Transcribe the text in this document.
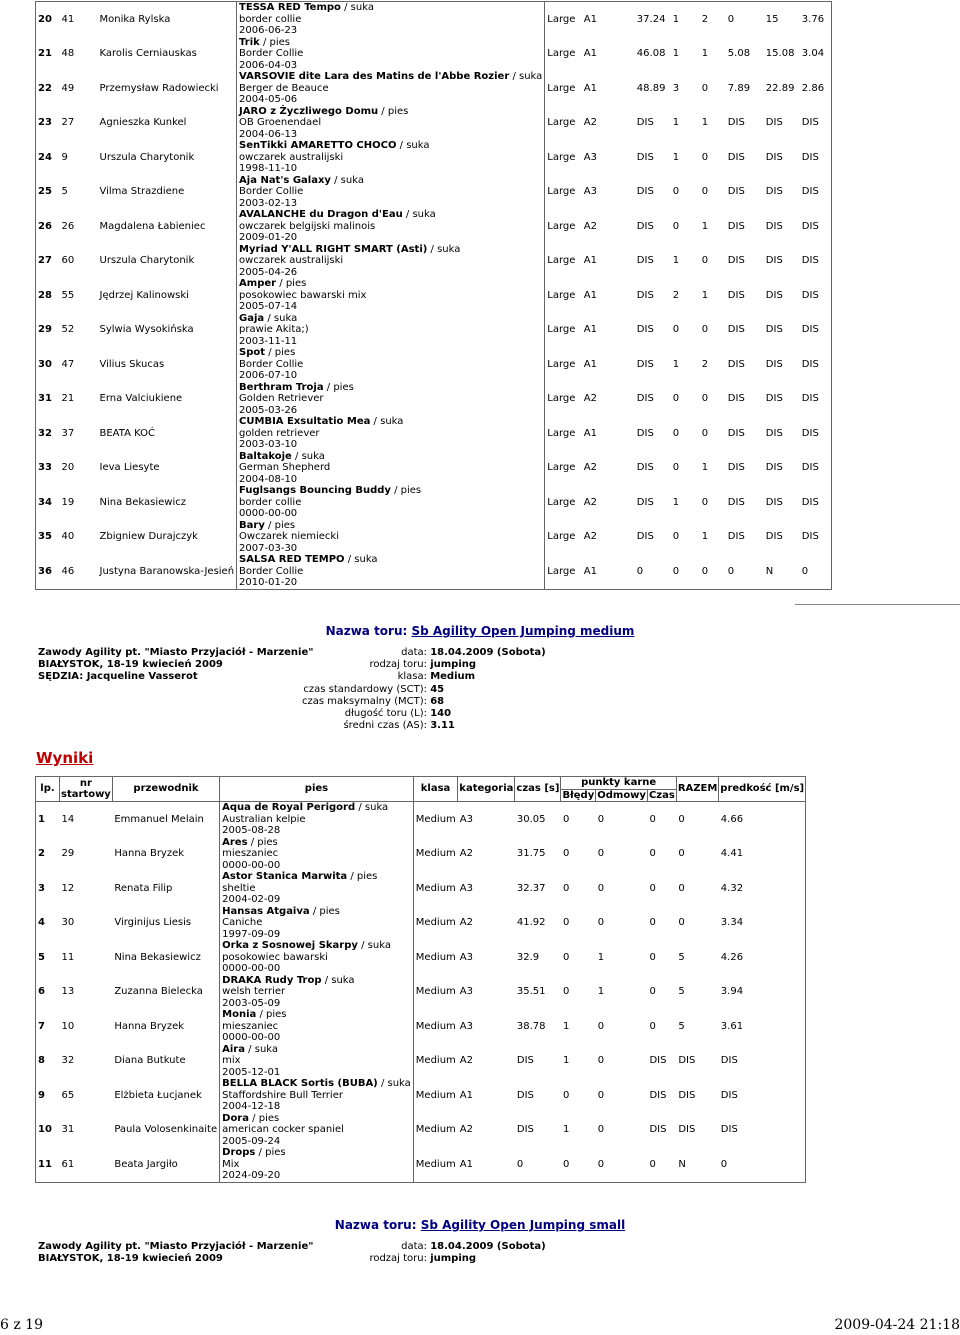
20	41	Monika Rylska	TESSA RED Tempo / suka
border collie
2006-06-23	Large	A1	37.24	1	2	0	15	3.76
21	48	Karolis Cerniauskas	Trik / pies
Border Collie
2006-04-03	Large	A1	46.08	1	1	5.08	15.08	3.04
22	49	Przemysław Radowiecki	VARSOVIE dite Lara des Matins de l'Abbe Rozier / suka
Berger de Beauce
2004-05-06	Large	A1	48.89	3	0	7.89	22.89	2.86
23	27	Agnieszka Kunkel	JARO z Życzliwego Domu / pies
OB Groenendael
2004-06-13	Large	A2	DIS	1	1	DIS	DIS	DIS
24	9	Urszula Charytonik	SenTikki AMARETTO CHOCO / suka
owczarek australijski
1998-11-10	Large	A3	DIS	1	0	DIS	DIS	DIS
25	5	Vilma Strazdiene	Aja Nat's Galaxy / suka
Border Collie
2003-02-13	Large	A3	DIS	0	0	DIS	DIS	DIS
26	26	Magdalena Łabieniec	AVALANCHE du Dragon d'Eau / suka
owczarek belgijski malinois
2009-01-20	Large	A2	DIS	0	1	DIS	DIS	DIS
27	60	Urszula Charytonik	Myriad Y'ALL RIGHT SMART (Asti) / suka
owczarek australijski
2005-04-26	Large	A1	DIS	1	0	DIS	DIS	DIS
28	55	Jędrzej Kalinowski	Amper / pies
posokowiec bawarski mix
2005-07-14	Large	A1	DIS	2	1	DIS	DIS	DIS
29	52	Sylwia Wysokińska	Gaja / suka
prawie Akita;)
2003-11-11	Large	A1	DIS	0	0	DIS	DIS	DIS
30	47	Vilius Skucas	Spot / pies
Border Collie
2006-07-10	Large	A1	DIS	1	2	DIS	DIS	DIS
31	21	Erna Valciukiene	Berthram Troja / pies
Golden Retriever
2005-03-26	Large	A2	DIS	0	0	DIS	DIS	DIS
32	37	BEATA KOĆ	CUMBIA Exsultatio Mea / suka
golden retriever
2003-03-10	Large	A1	DIS	0	0	DIS	DIS	DIS
33	20	Ieva Liesyte	Baltakoje / suka
German Shepherd
2004-08-10	Large	A2	DIS	0	1	DIS	DIS	DIS
34	19	Nina Bekasiewicz	Fuglsangs Bouncing Buddy / pies
border collie
0000-00-00	Large	A2	DIS	1	0	DIS	DIS	DIS
35	40	Zbigniew Durajczyk	Bary / pies
Owczarek niemiecki
2007-03-30	Large	A2	DIS	0	1	DIS	DIS	DIS
36	46	Justyna Baranowska-Jesień	SALSA RED TEMPO / suka
Border Collie
2010-01-20	Large	A1	0	0	0	0	N	0
Nazwa toru: Sb Agility Open Jumping medium
Zawody Agility pt. "Miasto Przyjaciół - Marzenie"
BIAŁYSTOK, 18-19 kwiecień 2009
SĘDZIA: Jacqueline Vasserot
data: 18.04.2009 (Sobota)
rodzaj toru: jumping
klasa: Medium
czas standardowy (SCT): 45
czas maksymalny (MCT): 68
długość toru (L): 140
średni czas (AS): 3.11
Wyniki
lp.	nr
startowy	przewodnik	pies	klasa	kategoria	czas [s]	punkty karne			RAZEM	predkość [m/s]
							Błędy	Odmowy	Czas		
1	14	Emmanuel Melain	Aqua de Royal Perigord / suka
Australian kelpie
2005-08-28	Medium	A3	30.05	0	0	0	0	4.66
2	29	Hanna Bryzek	Ares / pies
mieszaniec
0000-00-00	Medium	A2	31.75	0	0	0	0	4.41
3	12	Renata Filip	Astor Stanica Marwita / pies
sheltie
2004-02-09	Medium	A3	32.37	0	0	0	0	4.32
4	30	Virginijus Liesis	Hansas Atgaiva / pies
Caniche
1997-09-09	Medium	A2	41.92	0	0	0	0	3.34
5	11	Nina Bekasiewicz	Orka z Sosnowej Skarpy / suka
posokowiec bawarski
0000-00-00	Medium	A3	32.9	0	1	0	5	4.26
6	13	Zuzanna Bielecka	DRAKA Rudy Trop / suka
welsh terrier
2003-05-09	Medium	A3	35.51	0	1	0	5	3.94
7	10	Hanna Bryzek	Monia / pies
mieszaniec
0000-00-00	Medium	A3	38.78	1	0	0	5	3.61
8	32	Diana Butkute	Aira / suka
mix
2005-12-01	Medium	A2	DIS	1	0	DIS	DIS	DIS
9	65	Elżbieta Łucjanek	BELLA BLACK Sortis (BUBA) / suka
Staffordshire Bull Terrier
2004-12-18	Medium	A1	DIS	0	0	DIS	DIS	DIS
10	31	Paula Volosenkinaite	Dora / pies
american cocker spaniel
2005-09-24	Medium	A2	DIS	1	0	DIS	DIS	DIS
11	61	Beata Jargiło	Drops / pies
Mix
2024-09-20	Medium	A1	0	0	0	0	N	0
Nazwa toru: Sb Agility Open Jumping small
Zawody Agility pt. "Miasto Przyjaciół - Marzenie"
BIAŁYSTOK, 18-19 kwiecień 2009
data: 18.04.2009 (Sobota)
rodzaj toru: jumping
6 z 19	2009-04-24 21:18
